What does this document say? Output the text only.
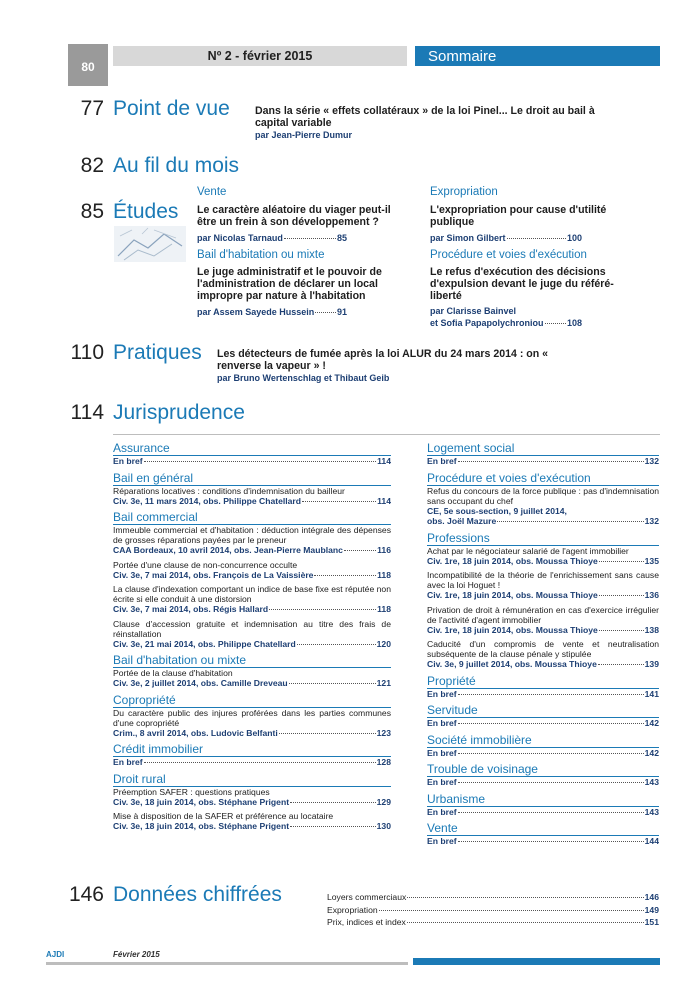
80
Nº 2 - février 2015	Sommaire
77 Point de vue Dans la série « effets collatéraux » de la loi Pinel... Le droit au bail à capital variable
par Jean-Pierre Dumur
82 Au fil du mois
85 Études
Vente
Le caractère aléatoire du viager peut-il être un frein à son développement ?
par Nicolas Tarnaud	85
Bail d'habitation ou mixte
Le juge administratif et le pouvoir de l'administration de déclarer un local impropre par nature à l'habitation
par Assem Sayede Hussein	91
Expropriation
L'expropriation pour cause d'utilité publique
par Simon Gilbert	100
Procédure et voies d'exécution
Le refus d'exécution des décisions d'expulsion devant le juge du référé-liberté
par Clarisse Bainvel
et Sofia Papapolychroniou	108
110 Pratiques Les détecteurs de fumée après la loi ALUR du 24 mars 2014 : on « renverse la vapeur » !
par Bruno Wertenschlag et Thibaut Geib
114 Jurisprudence
Assurance
En bref	114
Bail en général
Réparations locatives : conditions d'indemnisation du bailleur
Civ. 3e, 11 mars 2014, obs. Philippe Chatellard	114
Bail commercial
Immeuble commercial et d'habitation : déduction intégrale des dépenses de grosses réparations payées par le preneur
CAA Bordeaux, 10 avril 2014, obs. Jean-Pierre Maublanc	116
Portée d'une clause de non-concurrence occulte
Civ. 3e, 7 mai 2014, obs. François de La Vaissière	118
La clause d'indexation comportant un indice de base fixe est réputée non écrite si elle conduit à une distorsion
Civ. 3e, 7 mai 2014, obs. Régis Hallard	118
Clause d'accession gratuite et indemnisation au titre des frais de réinstallation
Civ. 3e, 21 mai 2014, obs. Philippe Chatellard	120
Bail d'habitation ou mixte
Portée de la clause d'habitation
Civ. 3e, 2 juillet 2014, obs. Camille Dreveau	121
Copropriété
Du caractère public des injures proférées dans les parties communes d'une copropriété
Crim., 8 avril 2014, obs. Ludovic Belfanti	123
Crédit immobilier
En bref	128
Droit rural
Préemption SAFER : questions pratiques
Civ. 3e, 18 juin 2014, obs. Stéphane Prigent	129
Mise à disposition de la SAFER et préférence au locataire
Civ. 3e, 18 juin 2014, obs. Stéphane Prigent	130
Logement social
En bref	132
Procédure et voies d'exécution
Refus du concours de la force publique : pas d'indemnisation sans occupant du chef
CE, 5e sous-section, 9 juillet 2014,
obs. Joël Mazure	132
Professions
Achat par le négociateur salarié de l'agent immobilier
Civ. 1re, 18 juin 2014, obs. Moussa Thioye	135
Incompatibilité de la théorie de l'enrichissement sans cause avec la loi Hoguet !
Civ. 1re, 18 juin 2014, obs. Moussa Thioye	136
Privation de droit à rémunération en cas d'exercice irrégulier de l'activité d'agent immobilier
Civ. 1re, 18 juin 2014, obs. Moussa Thioye	138
Caducité d'un compromis de vente et neutralisation subséquente de la clause pénale y stipulée
Civ. 3e, 9 juillet 2014, obs. Moussa Thioye	139
Propriété
En bref	141
Servitude
En bref	142
Société immobilière
En bref	142
Trouble de voisinage
En bref	143
Urbanisme
En bref	143
Vente
En bref	144
146 Données chiffrées	Loyers commerciaux	146
Expropriation	149
Prix, indices et index	151
AJDI	Février 2015
